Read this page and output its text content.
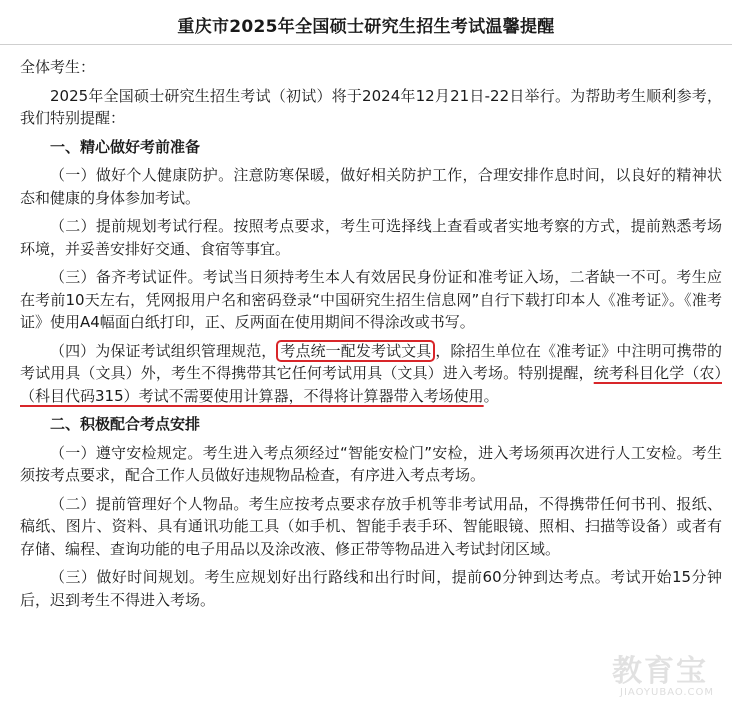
重庆市2025年全国硕士研究生招生考试温馨提醒

全体考生：

2025年全国硕士研究生招生考试（初试）将于2024年12月21日-22日举行。为帮助考生顺利参考，我们特别提醒：

一、精心做好考前准备

（一）做好个人健康防护。注意防寒保暖，做好相关防护工作，合理安排作息时间，以良好的精神状态和健康的身体参加考试。

（二）提前规划考试行程。按照考点要求，考生可选择线上查看或者实地考察的方式，提前熟悉考场环境，并妥善安排好交通、食宿等事宜。

（三）备齐考试证件。考试当日须持考生本人有效居民身份证和准考证入场，二者缺一不可。考生应在考前10天左右，凭网报用户名和密码登录“中国研究生招生信息网”自行下载打印本人《准考证》。《准考证》使用A4幅面白纸打印，正、反两面在使用期间不得涂改或书写。

（四）为保证考试组织管理规范， 考点统一配发考试文具 ，除招生单位在《准考证》中注明可携带的考试用具（文具）外，考生不得携带其它任何考试用具（文具）进入考场。特别提醒，统考科目化学（农）（科目代码315）考试不需要使用计算器，不得将计算器带入考场使用。

二、积极配合考点安排

（一）遵守安检规定。考生进入考点须经过“智能安检门”安检，进入考场须再次进行人工安检。考生须按考点要求，配合工作人员做好违规物品检查，有序进入考点考场。

（二）提前管理好个人物品。考生应按考点要求存放手机等非考试用品，不得携带任何书刊、报纸、稿纸、图片、资料、具有通讯功能工具（如手机、智能手表手环、智能眼镜、照相、扫描等设备）或者有存储、编程、查询功能的电子用品以及涂改液、修正带等物品进入考试封闭区域。

（三）做好时间规划。考生应规划好出行路线和出行时间，提前60分钟到达考点。考试开始15分钟后，迟到考生不得进入考场。

教育宝
JIAOYUBAO.COM
